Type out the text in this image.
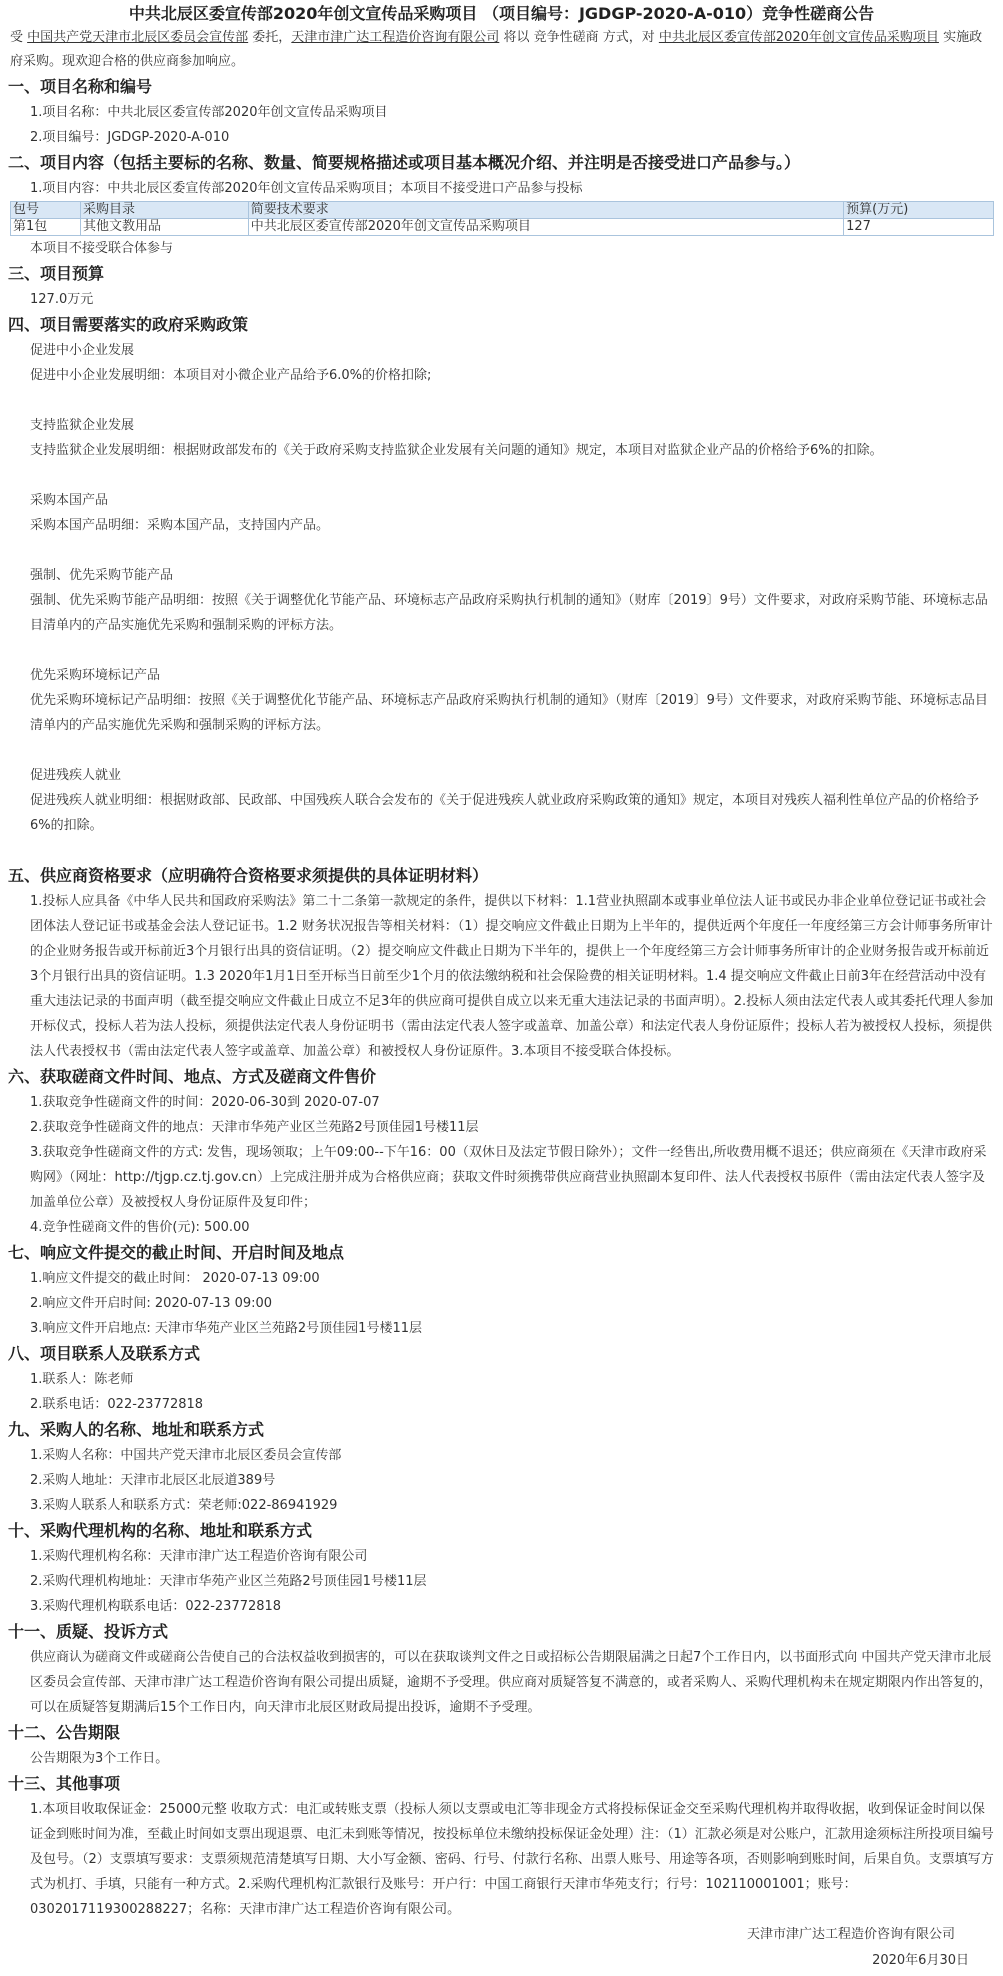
中共北辰区委宣传部2020年创文宣传品采购项目 （项目编号：JGDGP-2020-A-010）竞争性磋商公告

受 中国共产党天津市北辰区委员会宣传部 委托，天津市津广达工程造价咨询有限公司 将以 竞争性磋商 方式，对 中共北辰区委宣传部2020年创文宣传品采购项目 实施政府采购。现欢迎合格的供应商参加响应。

一、项目名称和编号

1.项目名称：中共北辰区委宣传部2020年创文宣传品采购项目

2.项目编号：JGDGP-2020-A-010

二、项目内容（包括主要标的名称、数量、简要规格描述或项目基本概况介绍、并注明是否接受进口产品参与。）

1.项目内容：中共北辰区委宣传部2020年创文宣传品采购项目；本项目不接受进口产品参与投标

包号	采购目录	简要技术要求	预算(万元)
第1包	其他文教用品	中共北辰区委宣传部2020年创文宣传品采购项目	127

本项目不接受联合体参与

三、项目预算

127.0万元

四、项目需要落实的政府采购政策

促进中小企业发展

促进中小企业发展明细：本项目对小微企业产品给予6.0%的价格扣除;

支持监狱企业发展

支持监狱企业发展明细：根据财政部发布的《关于政府采购支持监狱企业发展有关问题的通知》规定，本项目对监狱企业产品的价格给予6%的扣除。

采购本国产品

采购本国产品明细：采购本国产品，支持国内产品。

强制、优先采购节能产品

强制、优先采购节能产品明细：按照《关于调整优化节能产品、环境标志产品政府采购执行机制的通知》（财库〔2019〕9号）文件要求，对政府采购节能、环境标志品目清单内的产品实施优先采购和强制采购的评标方法。

优先采购环境标记产品

优先采购环境标记产品明细：按照《关于调整优化节能产品、环境标志产品政府采购执行机制的通知》（财库〔2019〕9号）文件要求，对政府采购节能、环境标志品目清单内的产品实施优先采购和强制采购的评标方法。

促进残疾人就业

促进残疾人就业明细：根据财政部、民政部、中国残疾人联合会发布的《关于促进残疾人就业政府采购政策的通知》规定，本项目对残疾人福利性单位产品的价格给予6%的扣除。

五、供应商资格要求（应明确符合资格要求须提供的具体证明材料）

1.投标人应具备《中华人民共和国政府采购法》第二十二条第一款规定的条件，提供以下材料：1.1营业执照副本或事业单位法人证书或民办非企业单位登记证书或社会团体法人登记证书或基金会法人登记证书。1.2 财务状况报告等相关材料：（1）提交响应文件截止日期为上半年的，提供近两个年度任一年度经第三方会计师事务所审计的企业财务报告或开标前近3个月银行出具的资信证明。（2）提交响应文件截止日期为下半年的，提供上一个年度经第三方会计师事务所审计的企业财务报告或开标前近3个月银行出具的资信证明。1.3 2020年1月1日至开标当日前至少1个月的依法缴纳税和社会保险费的相关证明材料。1.4 提交响应文件截止日前3年在经营活动中没有重大违法记录的书面声明（截至提交响应文件截止日成立不足3年的供应商可提供自成立以来无重大违法记录的书面声明）。2.投标人须由法定代表人或其委托代理人参加开标仪式，投标人若为法人投标，须提供法定代表人身份证明书（需由法定代表人签字或盖章、加盖公章）和法定代表人身份证原件；投标人若为被授权人投标，须提供法人代表授权书（需由法定代表人签字或盖章、加盖公章）和被授权人身份证原件。3.本项目不接受联合体投标。

六、获取磋商文件时间、地点、方式及磋商文件售价

1.获取竞争性磋商文件的时间：2020-06-30到 2020-07-07

2.获取竞争性磋商文件的地点：天津市华苑产业区兰苑路2号顶佳园1号楼11层

3.获取竞争性磋商文件的方式: 发售，现场领取；上午09:00--下午16：00（双休日及法定节假日除外）；文件一经售出,所收费用概不退还；供应商须在《天津市政府采购网》（网址：http://tjgp.cz.tj.gov.cn）上完成注册并成为合格供应商；获取文件时须携带供应商营业执照副本复印件、法人代表授权书原件（需由法定代表人签字及加盖单位公章）及被授权人身份证原件及复印件；

4.竞争性磋商文件的售价(元): 500.00

七、响应文件提交的截止时间、开启时间及地点

1.响应文件提交的截止时间： 2020-07-13 09:00

2.响应文件开启时间: 2020-07-13 09:00

3.响应文件开启地点: 天津市华苑产业区兰苑路2号顶佳园1号楼11层

八、项目联系人及联系方式

1.联系人：陈老师

2.联系电话：022-23772818

九、采购人的名称、地址和联系方式

1.采购人名称：中国共产党天津市北辰区委员会宣传部

2.采购人地址：天津市北辰区北辰道389号

3.采购人联系人和联系方式：荣老师:022-86941929

十、采购代理机构的名称、地址和联系方式

1.采购代理机构名称：天津市津广达工程造价咨询有限公司

2.采购代理机构地址：天津市华苑产业区兰苑路2号顶佳园1号楼11层

3.采购代理机构联系电话：022-23772818

十一、质疑、投诉方式

供应商认为磋商文件或磋商公告使自己的合法权益收到损害的，可以在获取谈判文件之日或招标公告期限届满之日起7个工作日内，以书面形式向 中国共产党天津市北辰区委员会宣传部、天津市津广达工程造价咨询有限公司提出质疑，逾期不予受理。供应商对质疑答复不满意的，或者采购人、采购代理机构未在规定期限内作出答复的，可以在质疑答复期满后15个工作日内，向天津市北辰区财政局提出投诉，逾期不予受理。

十二、公告期限

公告期限为3个工作日。

十三、其他事项

1.本项目收取保证金：25000元整 收取方式：电汇或转账支票（投标人须以支票或电汇等非现金方式将投标保证金交至采购代理机构并取得收据，收到保证金时间以保证金到账时间为准，至截止时间如支票出现退票、电汇未到账等情况，按投标单位未缴纳投标保证金处理）注：（1）汇款必须是对公账户，汇款用途须标注所投项目编号及包号。（2）支票填写要求：支票须规范清楚填写日期、大小写金额、密码、行号、付款行名称、出票人账号、用途等各项，否则影响到账时间，后果自负。支票填写方式为机打、手填，只能有一种方式。2.采购代理机构汇款银行及账号：开户行：中国工商银行天津市华苑支行；行号：102110001001；账号：0302017119300288227；名称：天津市津广达工程造价咨询有限公司。

天津市津广达工程造价咨询有限公司

2020年6月30日
